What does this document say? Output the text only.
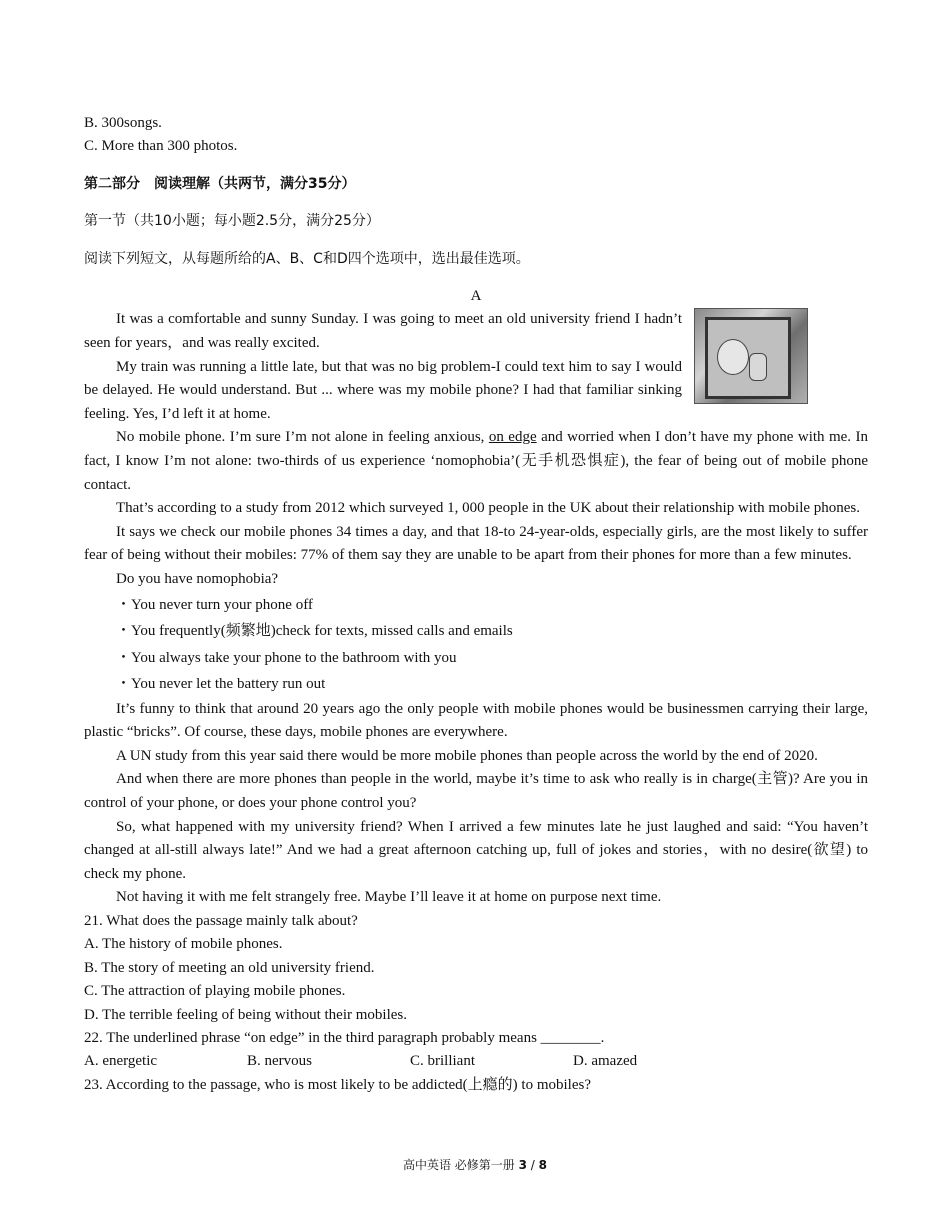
B. 300songs.

C. More than 300 photos.

第二部分　阅读理解（共两节，满分35分）

第一节（共10小题；每小题2.5分，满分25分）

阅读下列短文，从每题所给的A、B、C和D四个选项中，选出最佳选项。

A

It was a comfortable and sunny Sunday. I was going to meet an old university friend I hadn’t seen for years，and was really excited.

My train was running a little late, but that was no big problem-I could text him to say I would be delayed. He would understand. But ... where was my mobile phone? I had that familiar sinking feeling. Yes, I’d left it at home.

No mobile phone. I’m sure I’m not alone in feeling anxious, on edge and worried when I don’t have my phone with me. In fact, I know I’m not alone: two-thirds of us experience ‘nomophobia’(无手机恐惧症), the fear of being out of mobile phone contact.

That’s according to a study from 2012 which surveyed 1, 000 people in the UK about their relationship with mobile phones.

It says we check our mobile phones 34 times a day, and that 18-to 24-year-olds, especially girls, are the most likely to suffer fear of being without their mobiles: 77% of them say they are unable to be apart from their phones for more than a few minutes.

Do you have nomophobia?

・You never turn your phone off

・You frequently(频繁地)check for texts, missed calls and emails

・You always take your phone to the bathroom with you

・You never let the battery run out

It’s funny to think that around 20 years ago the only people with mobile phones would be businessmen carrying their large, plastic “bricks”. Of course, these days, mobile phones are everywhere.

A UN study from this year said there would be more mobile phones than people across the world by the end of 2020.

And when there are more phones than people in the world, maybe it’s time to ask who really is in charge(主管)? Are you in control of your phone, or does your phone control you?

So, what happened with my university friend? When I arrived a few minutes late he just laughed and said: “You haven’t changed at all-still always late!” And we had a great afternoon catching up, full of jokes and stories，with no desire(欲望) to check my phone.

Not having it with me felt strangely free. Maybe I’ll leave it at home on purpose next time.

21. What does the passage mainly talk about?

A. The history of mobile phones.

B. The story of meeting an old university friend.

C. The attraction of playing mobile phones.

D. The terrible feeling of being without their mobiles.

22. The underlined phrase “on edge” in the third paragraph probably means ________.

A. energetic	B. nervous	C. brilliant	D. amazed

23. According to the passage, who is most likely to be addicted(上瘾的) to mobiles?

高中英语 必修第一册 3 / 8
